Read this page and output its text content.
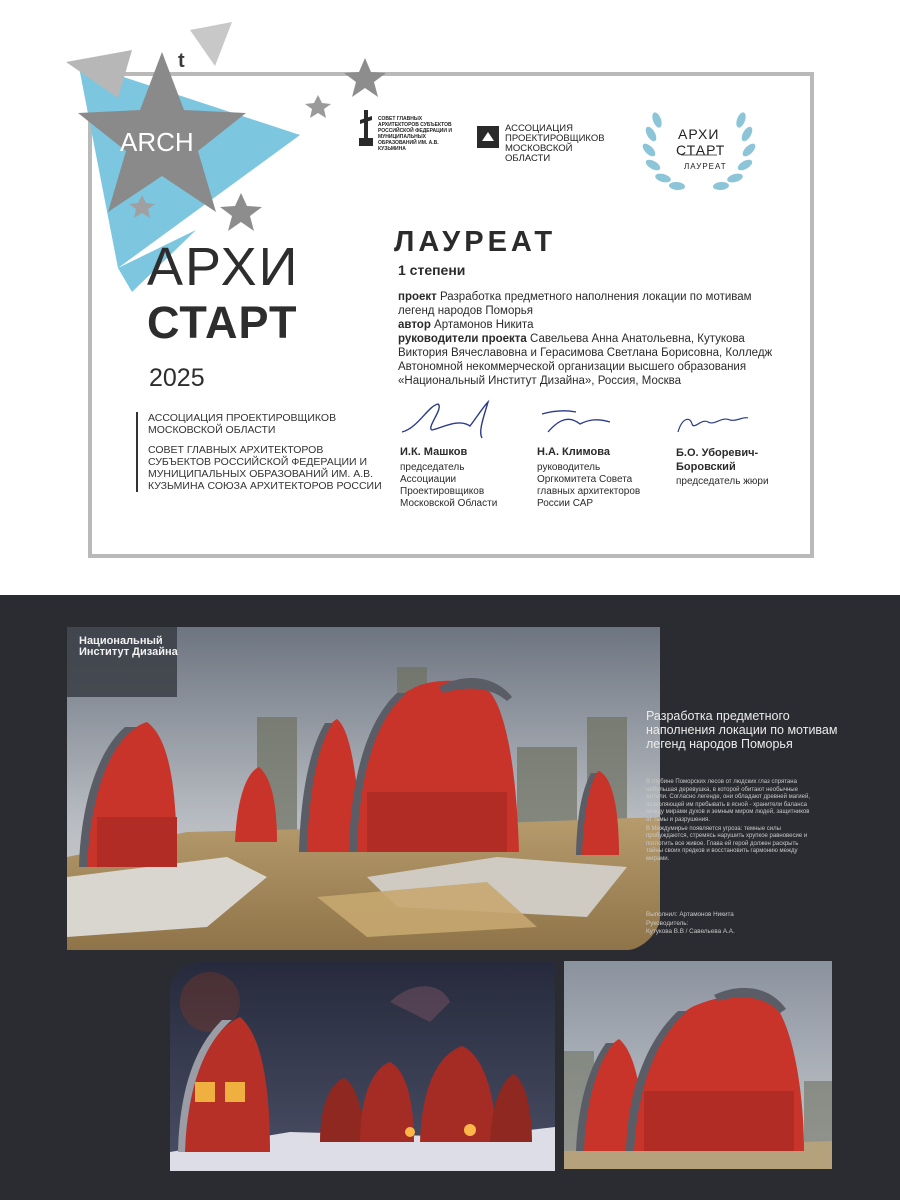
ARCH
t
АРХИ
СТАРТ
2025
АССОЦИАЦИЯ ПРОЕКТИРОВЩИКОВ МОСКОВСКОЙ ОБЛАСТИ
СОВЕТ ГЛАВНЫХ АРХИТЕКТОРОВ СУБЪЕКТОВ РОССИЙСКОЙ ФЕДЕРАЦИИ И МУНИЦИПАЛЬНЫХ ОБРАЗОВАНИЙ ИМ. А.В. КУЗЬМИНА СОЮЗА АРХИТЕКТОРОВ РОССИИ
СОВЕТ ГЛАВНЫХ АРХИТЕКТОРОВ СУБЪЕКТОВ РОССИЙСКОЙ ФЕДЕРАЦИИ И МУНИЦИПАЛЬНЫХ ОБРАЗОВАНИЙ ИМ. А.В. КУЗЬМИНА
АССОЦИАЦИЯ ПРОЕКТИРОВЩИКОВ МОСКОВСКОЙ ОБЛАСТИ
АРХИ
СТАРТ
ЛАУРЕАТ
ЛАУРЕАТ
1 степени

проект Разработка предметного наполнения локации по мотивам легенд народов Поморья

автор Артамонов Никита

руководители проекта Савельева Анна Анатольевна, Кутукова Виктория Вячеславовна и Герасимова Светлана Борисовна, Колледж Автономной некоммерческой организации высшего образования «Национальный Институт Дизайна», Россия, Москва

И.К. Машков
председатель Ассоциации Проектировщиков Московской Области
Н.А. Климова
руководитель Оргкомитета Совета главных архитекторов России САР
Б.О. Уборевич-Боровский
председатель жюри
Национальный Институт Дизайна
Разработка предметного наполнения локации по мотивам легенд народов Поморья

В глубине Поморских лесов от людских глаз спрятана небольшая деревушка, в которой обитают необычные жители. Согласно легенде, они обладают древней магией, позволяющей им пребывать в ясной - хранители баланса между мирами духов и земным миром людей, защитников от тьмы и разрушения.

В Междумирье появляется угроза: темные силы пробуждаются, стремясь нарушить хрупкое равновесие и поглотить все живое. Глава ей герой должен раскрыть тайны своих предков и восстановить гармонию между мирами.

Выполнил: Артамонов Никита
Руководитель:
Кутукова В.В / Савельева А.А.
